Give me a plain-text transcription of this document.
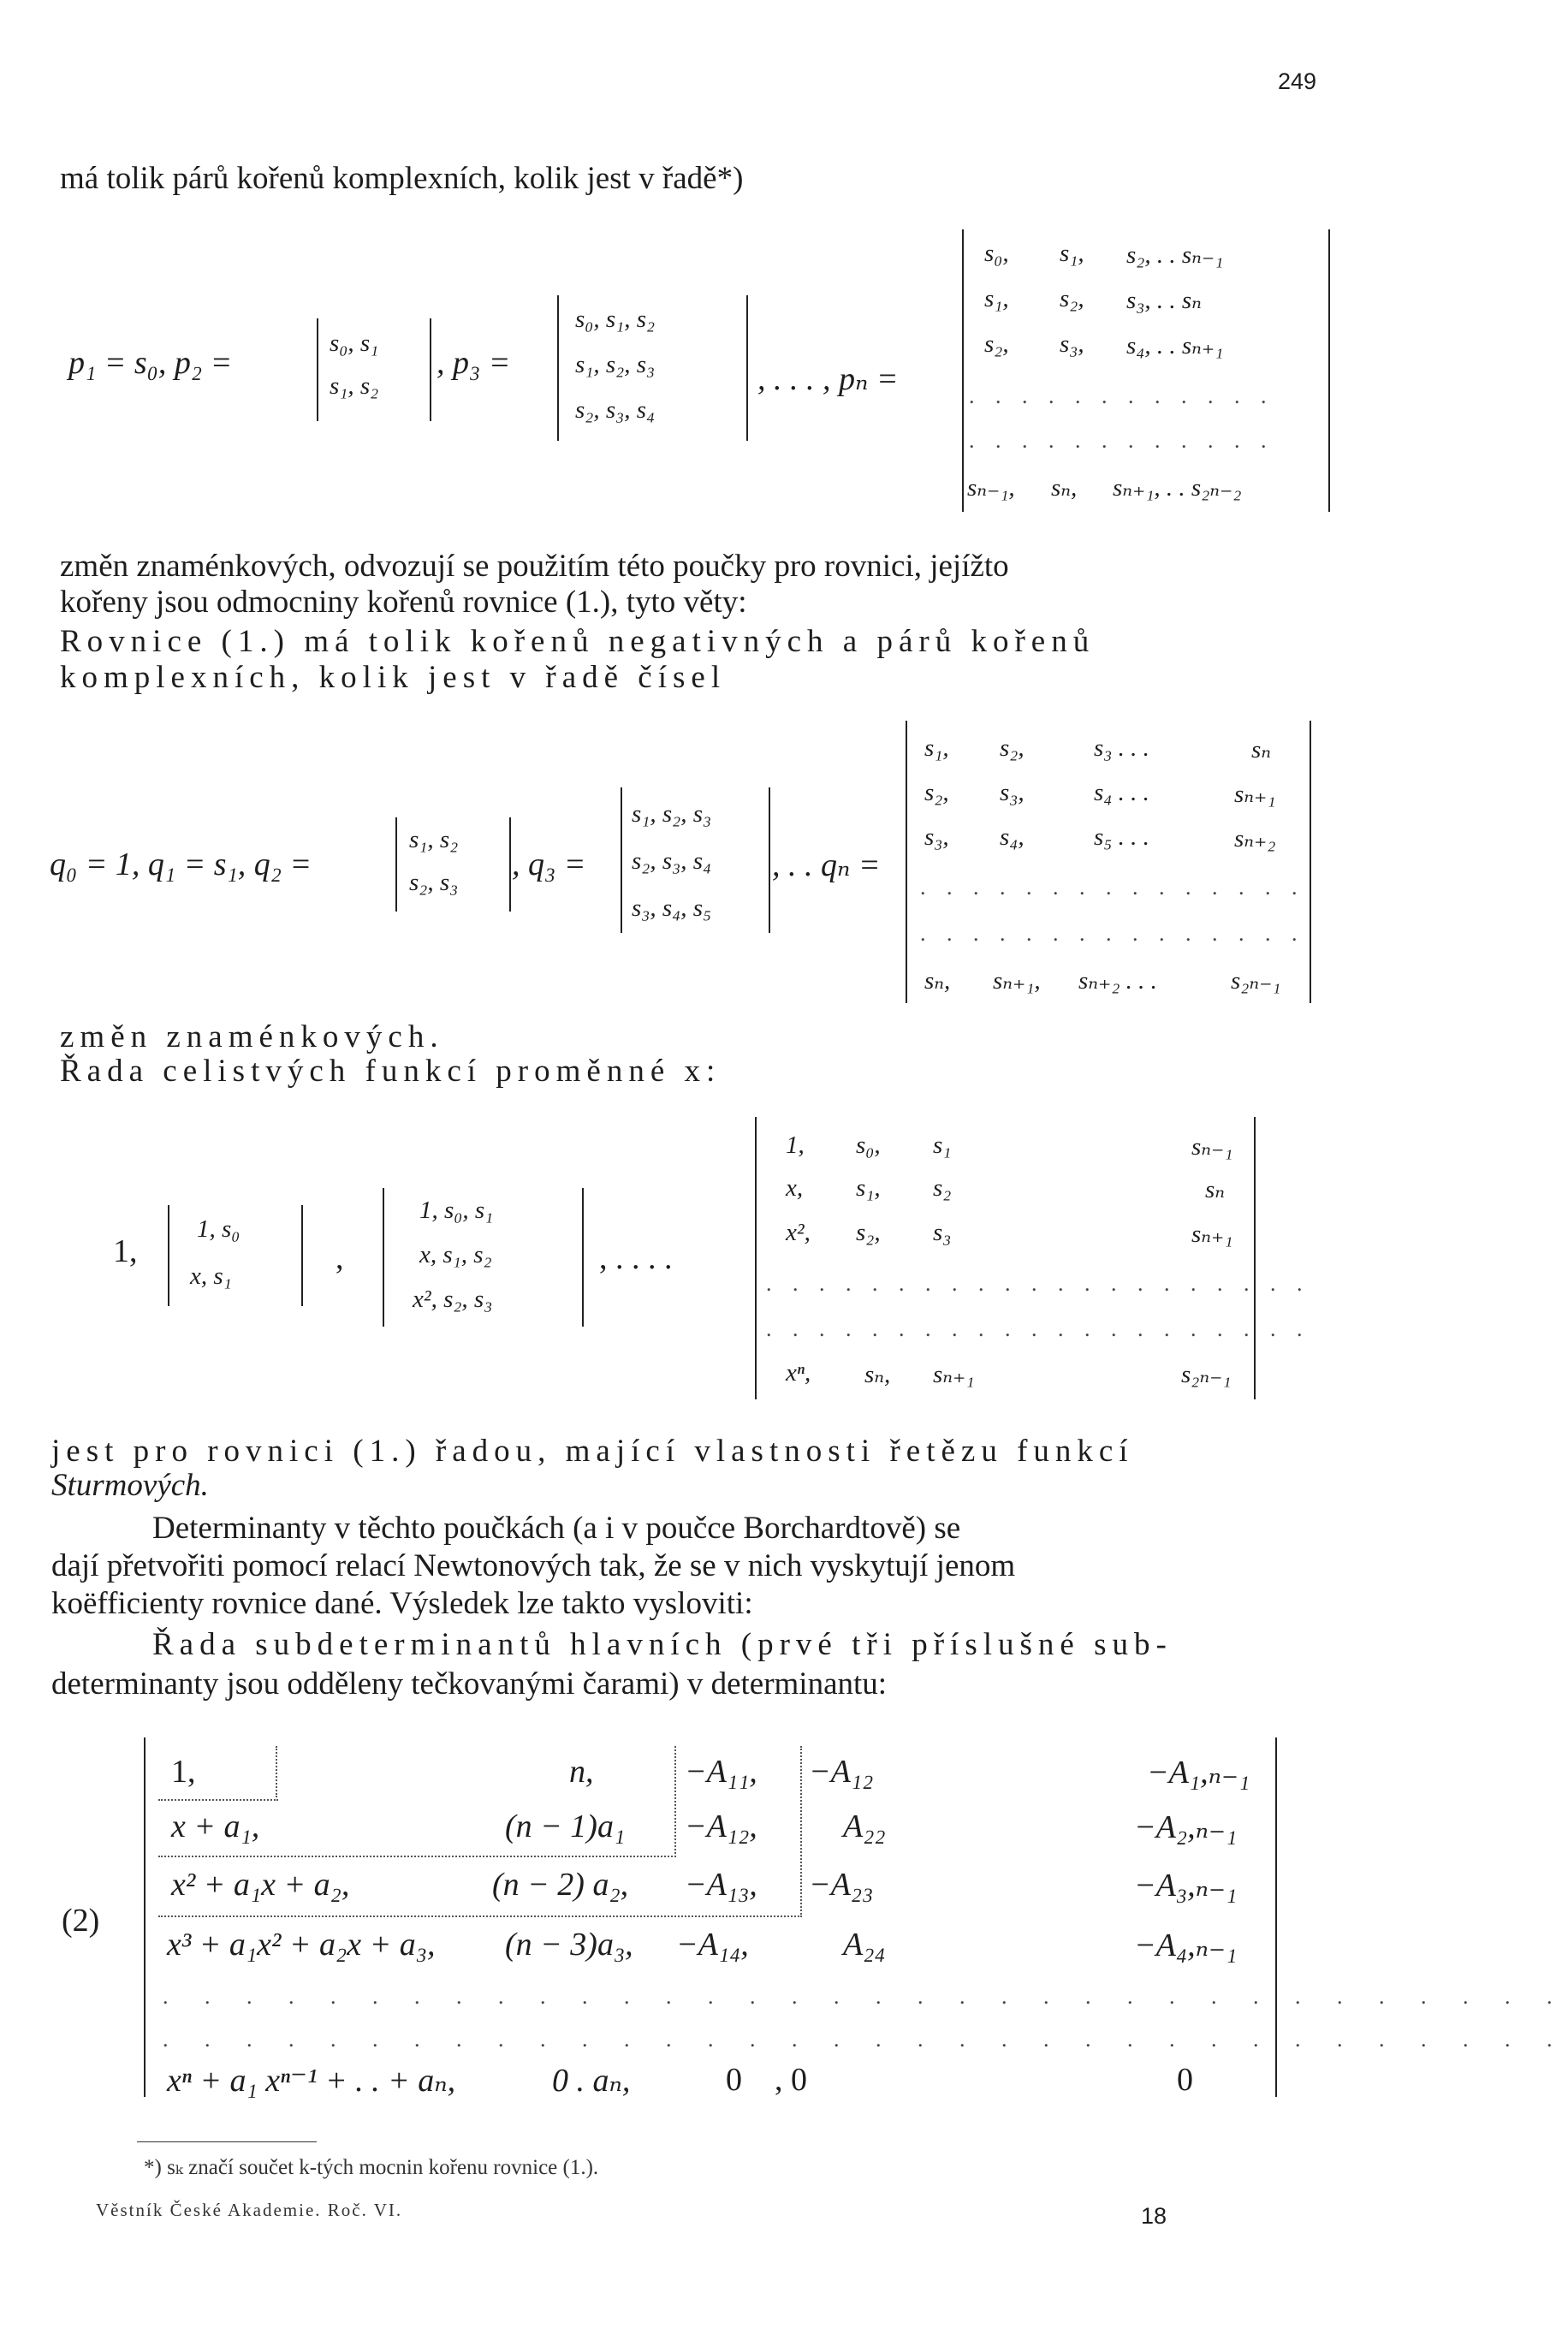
249
má tolik párů kořenů komplexních, kolik jest v řadě*)
p₁ = s₀, p₂ =
s₀, s₁
s₁, s₂
, p₃ =
s₀, s₁, s₂
s₁, s₂, s₃
s₂, s₃, s₄
, . . . , pₙ =
s₀, s₁, s₂, . . sₙ₋₁
s₁, s₂, s₃, . . sₙ
s₂, s₃, s₄, . . sₙ₊₁
. . . . . . . . . . . .
. . . . . . . . . . . .
sₙ₋₁, sₙ, sₙ₊₁, . . s₂ₙ₋₂
změn znaménkových, odvozují se použitím této poučky pro rovnici, jejížto
kořeny jsou odmocniny kořenů rovnice (1.), tyto věty:
Rovnice (1.) má tolik kořenů negativných a párů kořenů
komplexních, kolik jest v řadě čísel
q₀ = 1, q₁ = s₁, q₂ =
s₁, s₂
s₂, s₃ , q₃ =
s₁, s₂, s₃
s₂, s₃, s₄
s₃, s₄, s₅
, . . qₙ =
s₁, s₂,	s₃ . . .	sₙ
s₂, s₃,	s₄ . . .	sₙ₊₁
s₃, s₄,	s₅ . . .	sₙ₊₂
. . . . . . . . . . . . . . .
. . . . . . . . . . . . . . .
sₙ, sₙ₊₁, sₙ₊₂ . . .	s₂ₙ₋₁
změn znaménkových.
Řada celistvých funkcí proměnné x:
1,
1, s₀
x, s₁	,
1, s₀, s₁
x, s₁, s₂
x², s₂, s₃
, . . . .
1, s₀, s₁	sₙ₋₁
x, s₁, s₂	sₙ
x², s₂, s₃	sₙ₊₁
. . . . . . . . . . . . . . . . . . . . .
. . . . . . . . . . . . . . . . . . . . .
xⁿ, sₙ, sₙ₊₁	s₂ₙ₋₁
jest pro rovnici (1.) řadou, mající vlastnosti řetězu funkcí
Sturmových.
Determinanty v těchto poučkách (a i v poučce Borchardtově) se
dají přetvořiti pomocí relací Newtonových tak, že se v nich vyskytují jenom
koëfficienty rovnice dané. Výsledek lze takto vysloviti:
Řada subdeterminantů hlavních (prvé tři příslušné sub-
determinanty jsou odděleny tečkovanými čarami) v determinantu:
(2)
1,	n,	−A₁₁, −A₁₂	−A₁,ₙ₋₁
x + a₁,	(n − 1)a₁ −A₁₂,	A₂₂	−A₂,ₙ₋₁
x² + a₁x + a₂,	(n − 2) a₂, −A₁₃, −A₂₃	−A₃,ₙ₋₁
x³ + a₁x² + a₂x + a₃, (n − 3)a₃, −A₁₄,	A₂₄	−A₄,ₙ₋₁
. . . . . . . . . . . . . . . . . . . . . . . . . . . . . . . . . .
. . . . . . . . . . . . . . . . . . . . . . . . . . . . . . . . . .
xⁿ + a₁ xⁿ⁻¹ + . . + aₙ,	0 . aₙ,	0 , 0	0
*) sₖ značí součet k-tých mocnin kořenu rovnice (1.).
Věstník České Akademie. Roč. VI.	18
